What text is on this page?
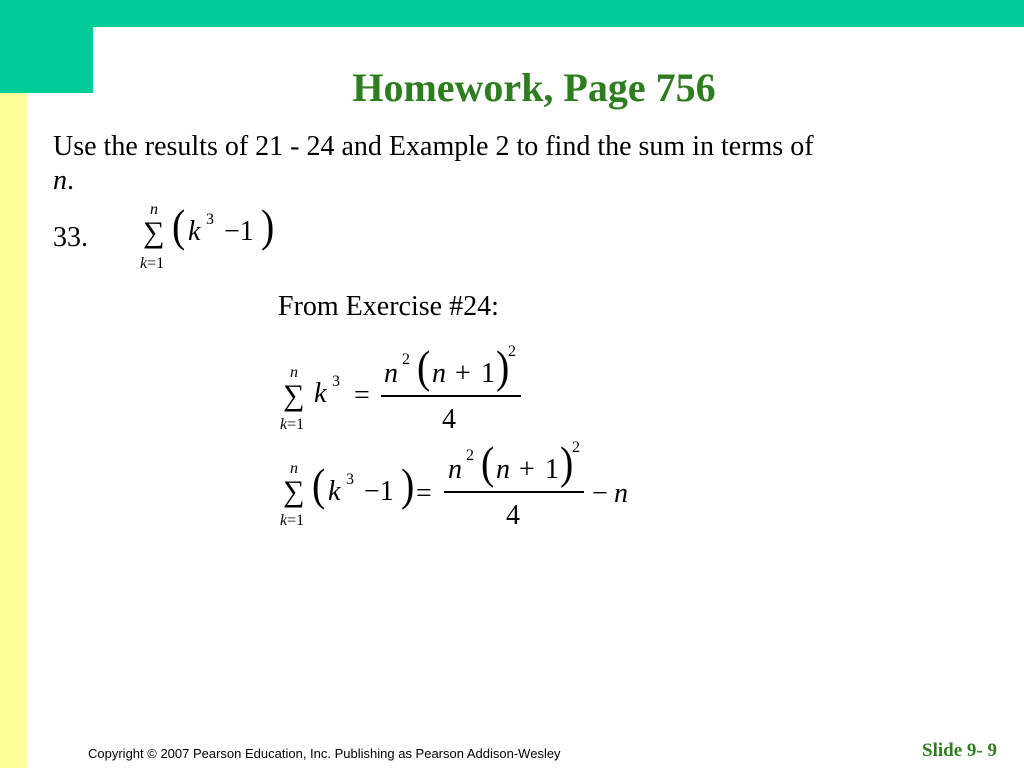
Homework, Page 756
Use the results of 21 - 24 and Example 2 to find the sum in terms of
n.
33.
n
∑
k=1
( k 3 −1 )
From Exercise #24:
n
∑
k=1
k 3 =
n 2 ( n + 1 )
2
4
n
∑
k=1
( k 3 −1 ) =
n 2 ( n + 1 )
2
4
− n
Copyright © 2007 Pearson Education, Inc. Publishing as Pearson Addison-Wesley	Slide 9- 9
